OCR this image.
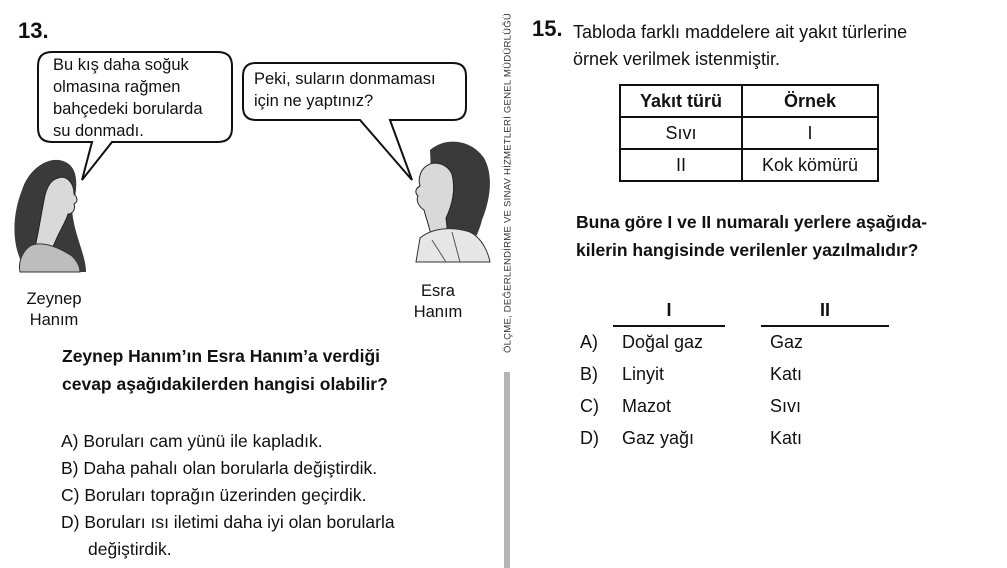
13.
Bu kış daha soğuk
olmasına rağmen
bahçedeki borularda
su donmadı.
Peki, suların donmaması
için ne yaptınız?
Zeynep
Hanım
Esra
Hanım
Zeynep Hanım’ın Esra Hanım’a verdiği
cevap aşağıdakilerden hangisi olabilir?
A) Boruları cam yünü ile kapladık.
B) Daha pahalı olan borularla değiştirdik.
C) Boruları toprağın üzerinden geçirdik.
D) Boruları ısı iletimi daha iyi olan borularla
değiştirdik.
ÖLÇME, DEĞERLENDİRME VE SINAV HİZMETLERİ GENEL MÜDÜRLÜĞÜ 15. Tabloda farklı maddelere ait yakıt türlerine
örnek verilmek istenmiştir.
Yakıt türü	Örnek
Sıvı	I
II	Kok kömürü
Buna göre I ve II numaralı yerlere aşağıda-
kilerin hangisinde verilenler yazılmalıdır?
I	II
A) Doğal gaz	Gaz
B) Linyit	Katı
C) Mazot	Sıvı
D) Gaz yağı	Katı
